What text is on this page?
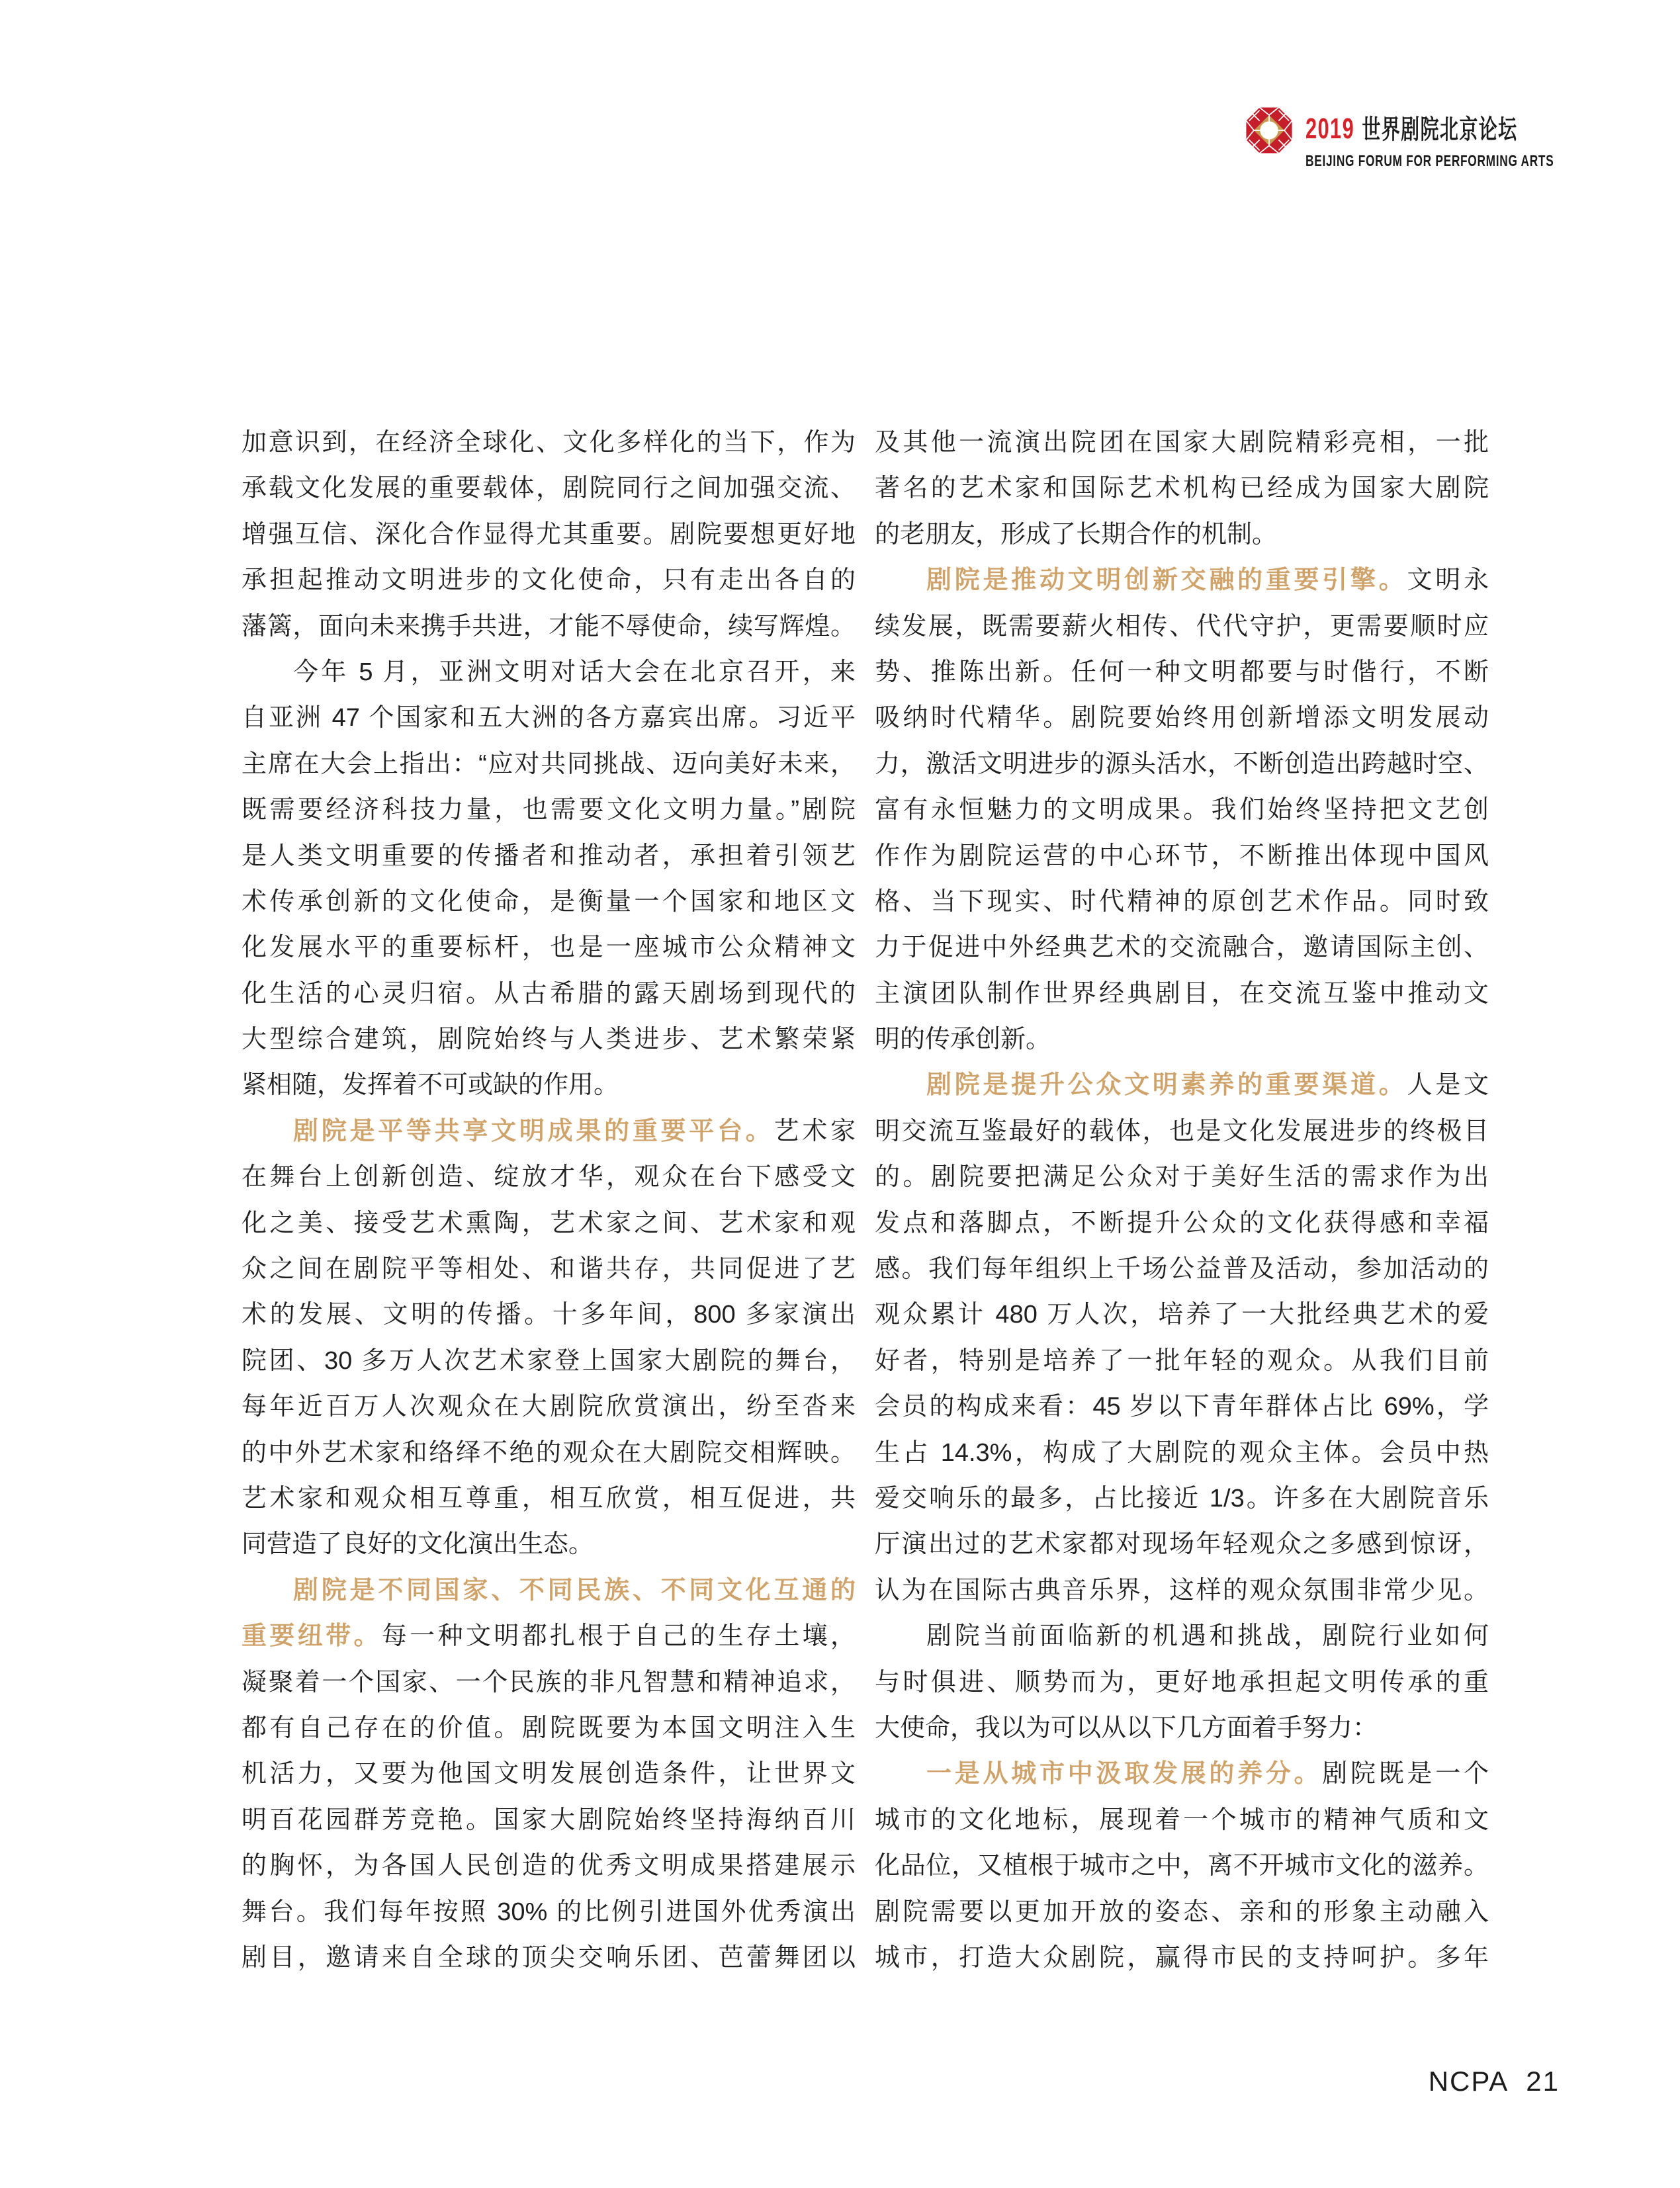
2019 世界剧院北京论坛
BEIJING FORUM FOR PERFORMING ARTS
加意识到，在经济全球化、文化多样化的当下，作为
承载文化发展的重要载体，剧院同行之间加强交流、
增强互信、深化合作显得尤其重要。剧院要想更好地
承担起推动文明进步的文化使命，只有走出各自的
藩篱，面向未来携手共进，才能不辱使命，续写辉煌。
今年 5 月，亚洲文明对话大会在北京召开，来
自亚洲 47 个国家和五大洲的各方嘉宾出席。习近平
主席在大会上指出：“应对共同挑战、迈向美好未来，
既需要经济科技力量，也需要文化文明力量。”剧院
是人类文明重要的传播者和推动者，承担着引领艺
术传承创新的文化使命，是衡量一个国家和地区文
化发展水平的重要标杆，也是一座城市公众精神文
化生活的心灵归宿。从古希腊的露天剧场到现代的
大型综合建筑，剧院始终与人类进步、艺术繁荣紧
紧相随，发挥着不可或缺的作用。
剧院是平等共享文明成果的重要平台。艺术家
在舞台上创新创造、绽放才华，观众在台下感受文
化之美、接受艺术熏陶，艺术家之间、艺术家和观
众之间在剧院平等相处、和谐共存，共同促进了艺
术的发展、文明的传播。十多年间，800 多家演出
院团、30 多万人次艺术家登上国家大剧院的舞台，
每年近百万人次观众在大剧院欣赏演出，纷至沓来
的中外艺术家和络绎不绝的观众在大剧院交相辉映。
艺术家和观众相互尊重，相互欣赏，相互促进，共
同营造了良好的文化演出生态。
剧院是不同国家、不同民族、不同文化互通的
重要纽带。每一种文明都扎根于自己的生存土壤，
凝聚着一个国家、一个民族的非凡智慧和精神追求，
都有自己存在的价值。剧院既要为本国文明注入生
机活力，又要为他国文明发展创造条件，让世界文
明百花园群芳竞艳。国家大剧院始终坚持海纳百川
的胸怀，为各国人民创造的优秀文明成果搭建展示
舞台。我们每年按照 30% 的比例引进国外优秀演出
剧目，邀请来自全球的顶尖交响乐团、芭蕾舞团以
及其他一流演出院团在国家大剧院精彩亮相，一批
著名的艺术家和国际艺术机构已经成为国家大剧院
的老朋友，形成了长期合作的机制。
剧院是推动文明创新交融的重要引擎。文明永
续发展，既需要薪火相传、代代守护，更需要顺时应
势、推陈出新。任何一种文明都要与时偕行，不断
吸纳时代精华。剧院要始终用创新增添文明发展动
力，激活文明进步的源头活水，不断创造出跨越时空、
富有永恒魅力的文明成果。我们始终坚持把文艺创
作作为剧院运营的中心环节，不断推出体现中国风
格、当下现实、时代精神的原创艺术作品。同时致
力于促进中外经典艺术的交流融合，邀请国际主创、
主演团队制作世界经典剧目，在交流互鉴中推动文
明的传承创新。
剧院是提升公众文明素养的重要渠道。人是文
明交流互鉴最好的载体，也是文化发展进步的终极目
的。剧院要把满足公众对于美好生活的需求作为出
发点和落脚点，不断提升公众的文化获得感和幸福
感。我们每年组织上千场公益普及活动，参加活动的
观众累计 480 万人次，培养了一大批经典艺术的爱
好者，特别是培养了一批年轻的观众。从我们目前
会员的构成来看：45 岁以下青年群体占比 69%，学
生占 14.3%，构成了大剧院的观众主体。会员中热
爱交响乐的最多，占比接近 1/3。许多在大剧院音乐
厅演出过的艺术家都对现场年轻观众之多感到惊讶，
认为在国际古典音乐界，这样的观众氛围非常少见。
剧院当前面临新的机遇和挑战，剧院行业如何
与时俱进、顺势而为，更好地承担起文明传承的重
大使命，我以为可以从以下几方面着手努力：
一是从城市中汲取发展的养分。剧院既是一个
城市的文化地标，展现着一个城市的精神气质和文
化品位，又植根于城市之中，离不开城市文化的滋养。
剧院需要以更加开放的姿态、亲和的形象主动融入
城市，打造大众剧院，赢得市民的支持呵护。多年
NCPA 21
